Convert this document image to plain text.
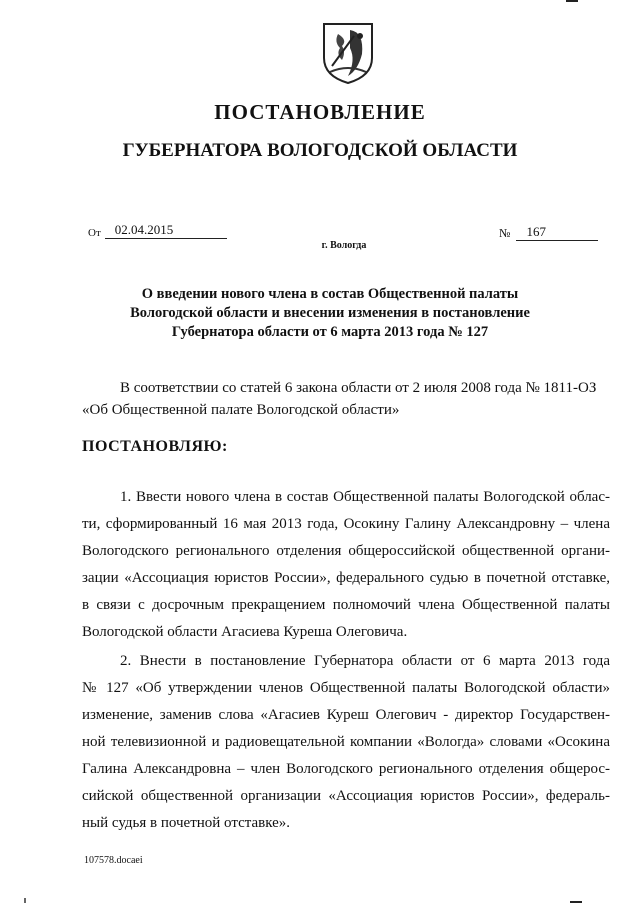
ПОСТАНОВЛЕНИЕ
ГУБЕРНАТОРА ВОЛОГОДСКОЙ ОБЛАСТИ
От	02.04.2015	№	167
г. Вологда
О введении нового члена в состав Общественной палаты
Вологодской области и внесении изменения в постановление
Губернатора области от 6 марта 2013 года № 127
В соответствии со статей 6 закона области от 2 июля 2008 года № 1811-ОЗ
«Об Общественной палате Вологодской области»
ПОСТАНОВЛЯЮ:
1. Ввести нового члена в состав Общественной палаты Вологодской облас-
ти, сформированный 16 мая 2013 года, Осокину Галину Александровну – члена
Вологодского регионального отделения общероссийской общественной органи-
зации «Ассоциация юристов России», федерального судью в почетной отставке,
в связи с досрочным прекращением полномочий члена Общественной палаты
Вологодской области Агасиева Куреша Олеговича.
2. Внести в постановление Губернатора области от 6 марта 2013 года
№ 127 «Об утверждении членов Общественной палаты Вологодской области»
изменение, заменив слова «Агасиев Куреш Олегович - директор Государствен-
ной телевизионной и радиовещательной компании «Вологда» словами «Осокина
Галина Александровна – член Вологодского регионального отделения общерос-
сийской общественной организации «Ассоциация юристов России», федераль-
ный судья в почетной отставке».
107578.docaei
